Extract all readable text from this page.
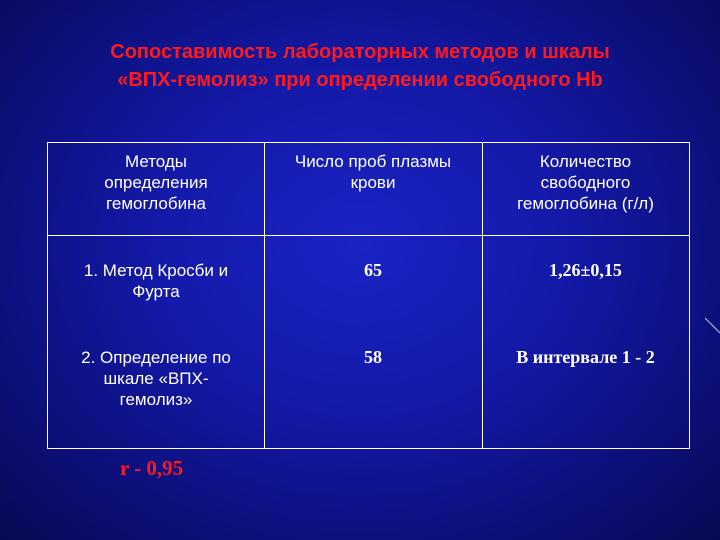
Сопоставимость лабораторных методов и шкалы
«ВПХ-гемолиз» при определении свободного Hb
Методы
определения
гемоглобина
Число проб плазмы
крови
Количество
свободного
гемоглобина (г/л)
1. Метод Кросби и
Фурта
65	1,26±0,15
2. Определение по
шкале «ВПХ-
гемолиз»
58	В интервале 1 - 2
r - 0,95
